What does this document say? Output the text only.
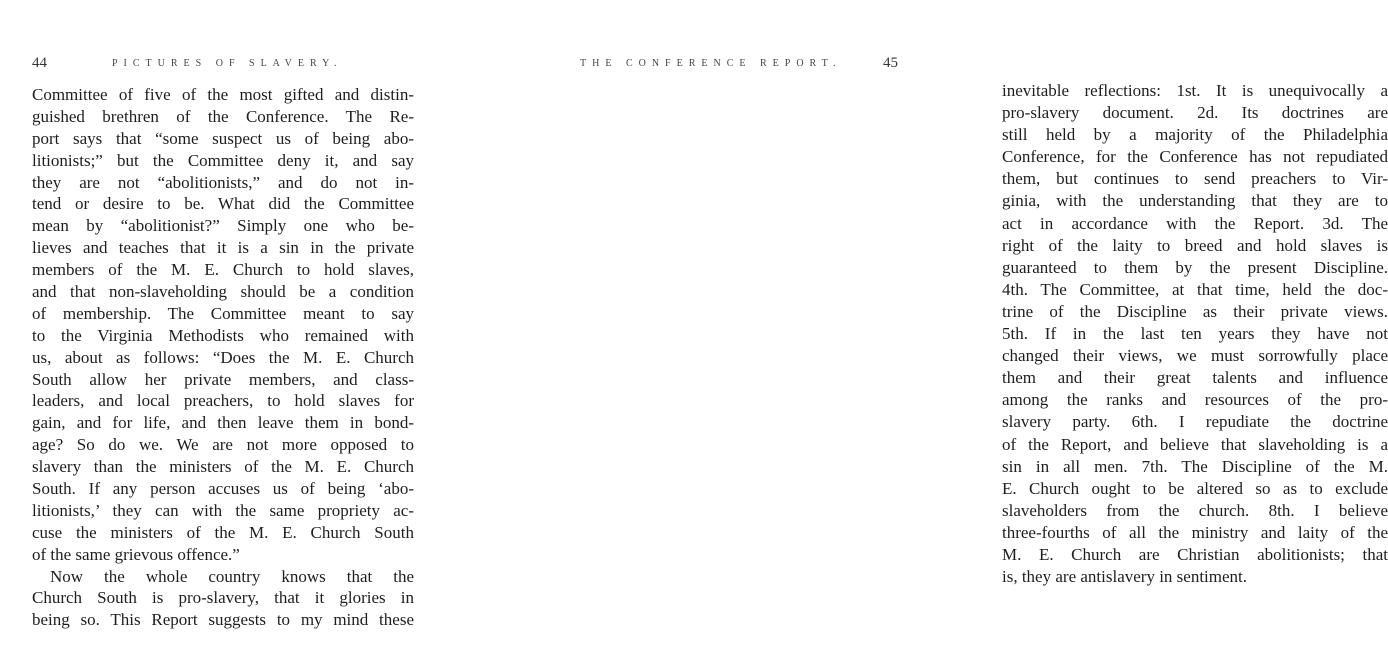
44	PICTURES OF SLAVERY.
Committee of five of the most gifted and distin-
guished brethren of the Conference. The Re-
port says that “some suspect us of being abo-
litionists;” but the Committee deny it, and say
they are not “abolitionists,” and do not in-
tend or desire to be. What did the Committee
mean by “abolitionist?” Simply one who be-
lieves and teaches that it is a sin in the private
members of the M. E. Church to hold slaves,
and that non-slaveholding should be a condition
of membership. The Committee meant to say
to the Virginia Methodists who remained with
us, about as follows: “Does the M. E. Church
South allow her private members, and class-
leaders, and local preachers, to hold slaves for
gain, and for life, and then leave them in bond-
age? So do we. We are not more opposed to
slavery than the ministers of the M. E. Church
South. If any person accuses us of being ‘abo-
litionists,’ they can with the same propriety ac-
cuse the ministers of the M. E. Church South
of the same grievous offence.”
Now the whole country knows that the
Church South is pro-slavery, that it glories in
being so. This Report suggests to my mind these
THE CONFERENCE REPORT.	45
inevitable reflections: 1st. It is unequivocally a
pro-slavery document. 2d. Its doctrines are
still held by a majority of the Philadelphia
Conference, for the Conference has not repudiated
them, but continues to send preachers to Vir-
ginia, with the understanding that they are to
act in accordance with the Report. 3d. The
right of the laity to breed and hold slaves is
guaranteed to them by the present Discipline.
4th. The Committee, at that time, held the doc-
trine of the Discipline as their private views.
5th. If in the last ten years they have not
changed their views, we must sorrowfully place
them and their great talents and influence
among the ranks and resources of the pro-
slavery party. 6th. I repudiate the doctrine
of the Report, and believe that slaveholding is a
sin in all men. 7th. The Discipline of the M.
E. Church ought to be altered so as to exclude
slaveholders from the church. 8th. I believe
three-fourths of all the ministry and laity of the
M. E. Church are Christian abolitionists; that
is, they are antislavery in sentiment.
